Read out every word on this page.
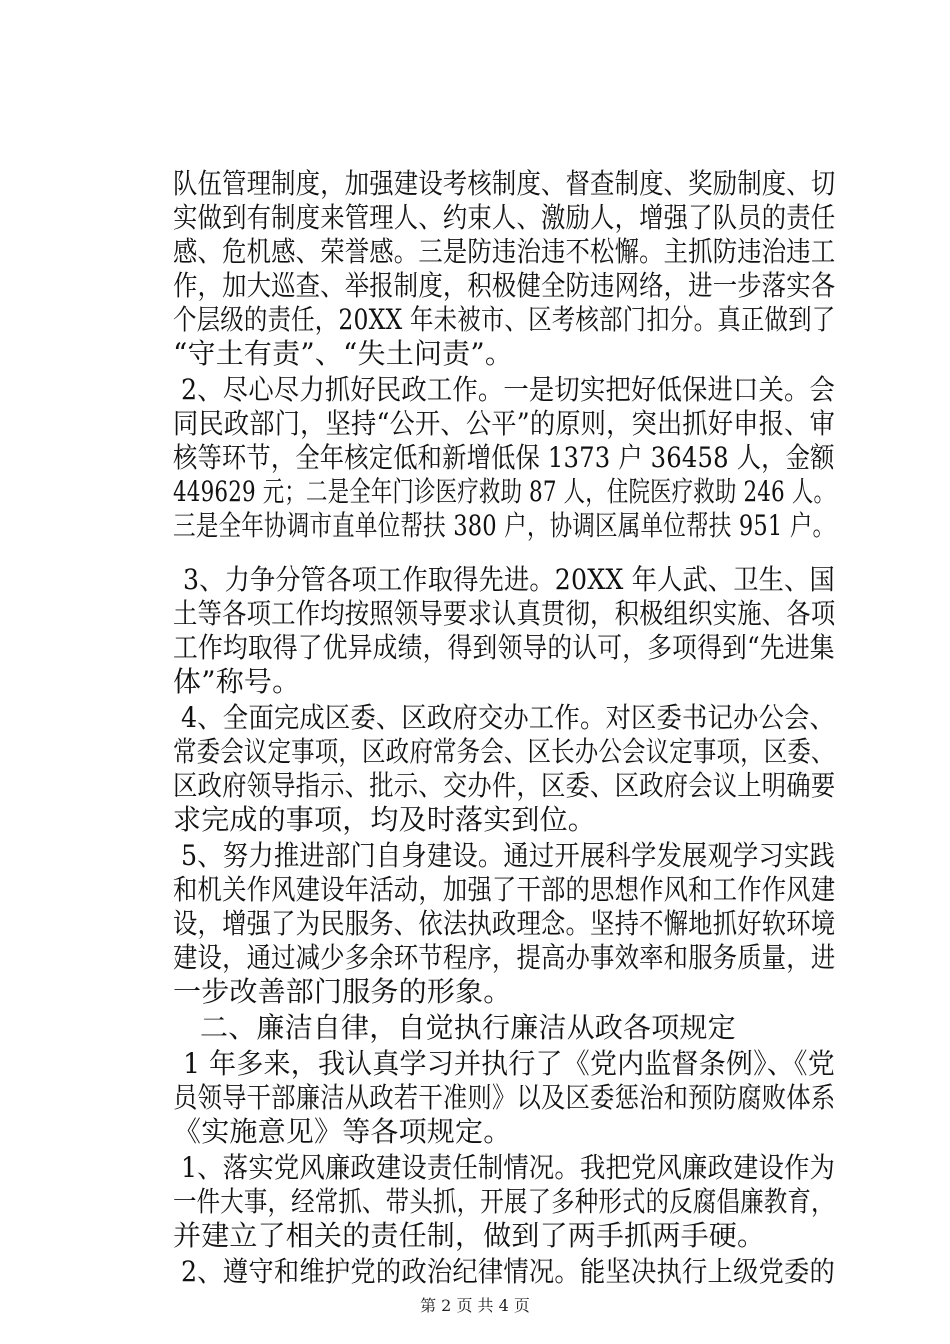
队伍管理制度，加强建设考核制度、督查制度、奖励制度、切
实做到有制度来管理人、约束人、激励人，增强了队员的责任
感、危机感、荣誉感。三是防违治违不松懈。主抓防违治违工
作，加大巡查、举报制度，积极健全防违网络，进一步落实各
个层级的责任，20XX 年未被市、区考核部门扣分。真正做到了
“守土有责”、“失土问责”。
2、尽心尽力抓好民政工作。一是切实把好低保进口关。会
同民政部门，坚持“公开、公平”的原则，突出抓好申报、审
核等环节，全年核定低和新增低保 1373 户 36458 人，金额
449629 元；二是全年门诊医疗救助 87 人，住院医疗救助 246 人。
三是全年协调市直单位帮扶 380 户，协调区属单位帮扶 951 户。
3、力争分管各项工作取得先进。20XX 年人武、卫生、国
土等各项工作均按照领导要求认真贯彻，积极组织实施、各项
工作均取得了优异成绩，得到领导的认可，多项得到“先进集
体”称号。
4、全面完成区委、区政府交办工作。对区委书记办公会、
常委会议定事项，区政府常务会、区长办公会议定事项，区委、
区政府领导指示、批示、交办件，区委、区政府会议上明确要
求完成的事项，均及时落实到位。
5、努力推进部门自身建设。通过开展科学发展观学习实践
和机关作风建设年活动，加强了干部的思想作风和工作作风建
设，增强了为民服务、依法执政理念。坚持不懈地抓好软环境
建设，通过减少多余环节程序，提高办事效率和服务质量，进
一步改善部门服务的形象。
二、廉洁自律，自觉执行廉洁从政各项规定
1 年多来，我认真学习并执行了《党内监督条例》、《党
员领导干部廉洁从政若干准则》以及区委惩治和预防腐败体系
《实施意见》等各项规定。
1、落实党风廉政建设责任制情况。我把党风廉政建设作为
一件大事，经常抓、带头抓，开展了多种形式的反腐倡廉教育，
并建立了相关的责任制，做到了两手抓两手硬。
2、遵守和维护党的政治纪律情况。能坚决执行上级党委的
第 2 页 共 4 页
